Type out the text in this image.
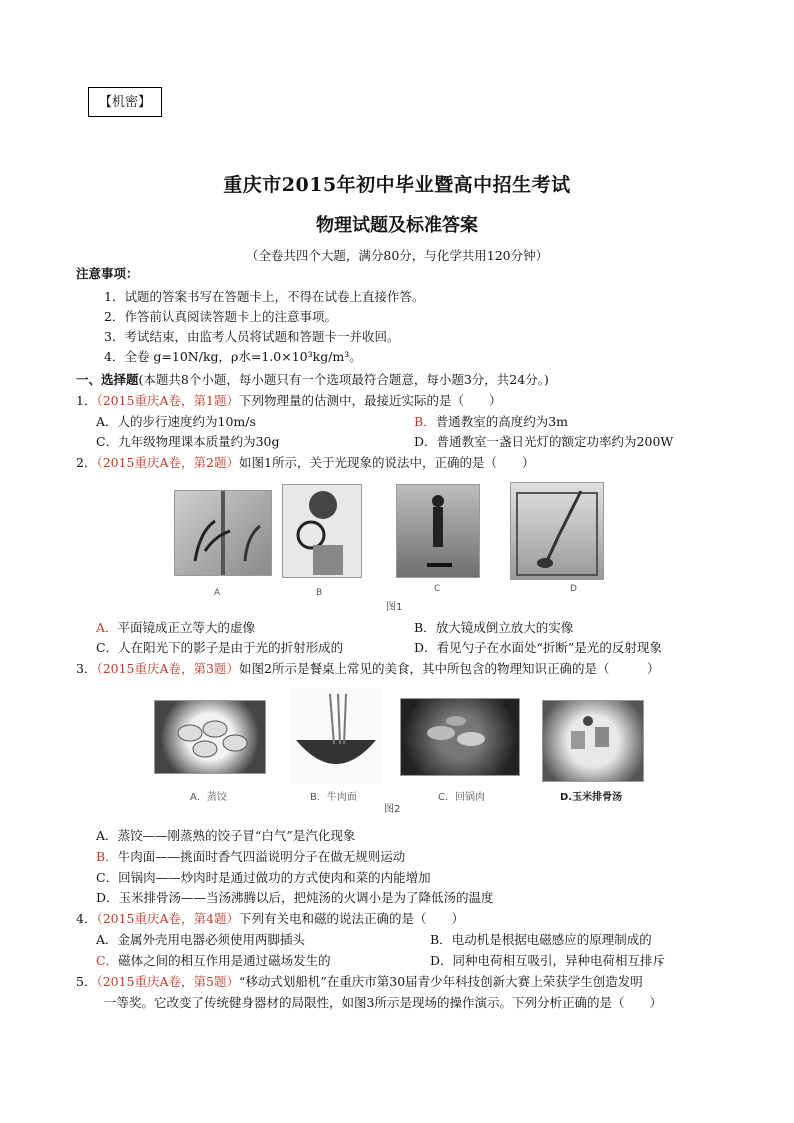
【机密】
重庆市2015年初中毕业暨高中招生考试
物理试题及标准答案
（全卷共四个大题，满分80分，与化学共用120分钟）
注意事项：
1．试题的答案书写在答题卡上，不得在试卷上直接作答。
2．作答前认真阅读答题卡上的注意事项。
3．考试结束，由监考人员将试题和答题卡一并收回。
4．全卷 g=10N/kg，ρ水=1.0×10³kg/m³。
一、选择题(本题共8个小题，每小题只有一个选项最符合题意，每小题3分，共24分。)
1．（2015重庆A卷，第1题）下列物理量的估测中，最接近实际的是（　　）
A．人的步行速度约为10m/s	B．普通教室的高度约为3m
C．九年级物理课本质量约为30g	D．普通教室一盏日光灯的额定功率约为200W
2．（2015重庆A卷，第2题）如图1所示，关于光现象的说法中，正确的是（　　）
A	B	C	D
图1
A．平面镜成正立等大的虚像	B．放大镜成倒立放大的实像
C．人在阳光下的影子是由于光的折射形成的	D．看见勺子在水面处“折断”是光的反射现象
3．（2015重庆A卷，第3题）如图2所示是餐桌上常见的美食，其中所包含的物理知识正确的是（　　　）
A．蒸饺	B．牛肉面	C．回锅肉	D.玉米排骨汤
图2
A．蒸饺——刚蒸熟的饺子冒“白气”是汽化现象
B．牛肉面——挑面时香气四溢说明分子在做无规则运动
C．回锅肉——炒肉时是通过做功的方式使肉和菜的内能增加
D．玉米排骨汤——当汤沸腾以后，把炖汤的火调小是为了降低汤的温度
4．（2015重庆A卷，第4题）下列有关电和磁的说法正确的是（　　）
A．金属外壳用电器必须使用两脚插头	B．电动机是根据电磁感应的原理制成的
C．磁体之间的相互作用是通过磁场发生的	D．同种电荷相互吸引，异种电荷相互排斥
5．（2015重庆A卷，第5题）“移动式划船机”在重庆市第30届青少年科技创新大赛上荣获学生创造发明
一等奖。它改变了传统健身器材的局限性，如图3所示是现场的操作演示。下列分析正确的是（　　）
